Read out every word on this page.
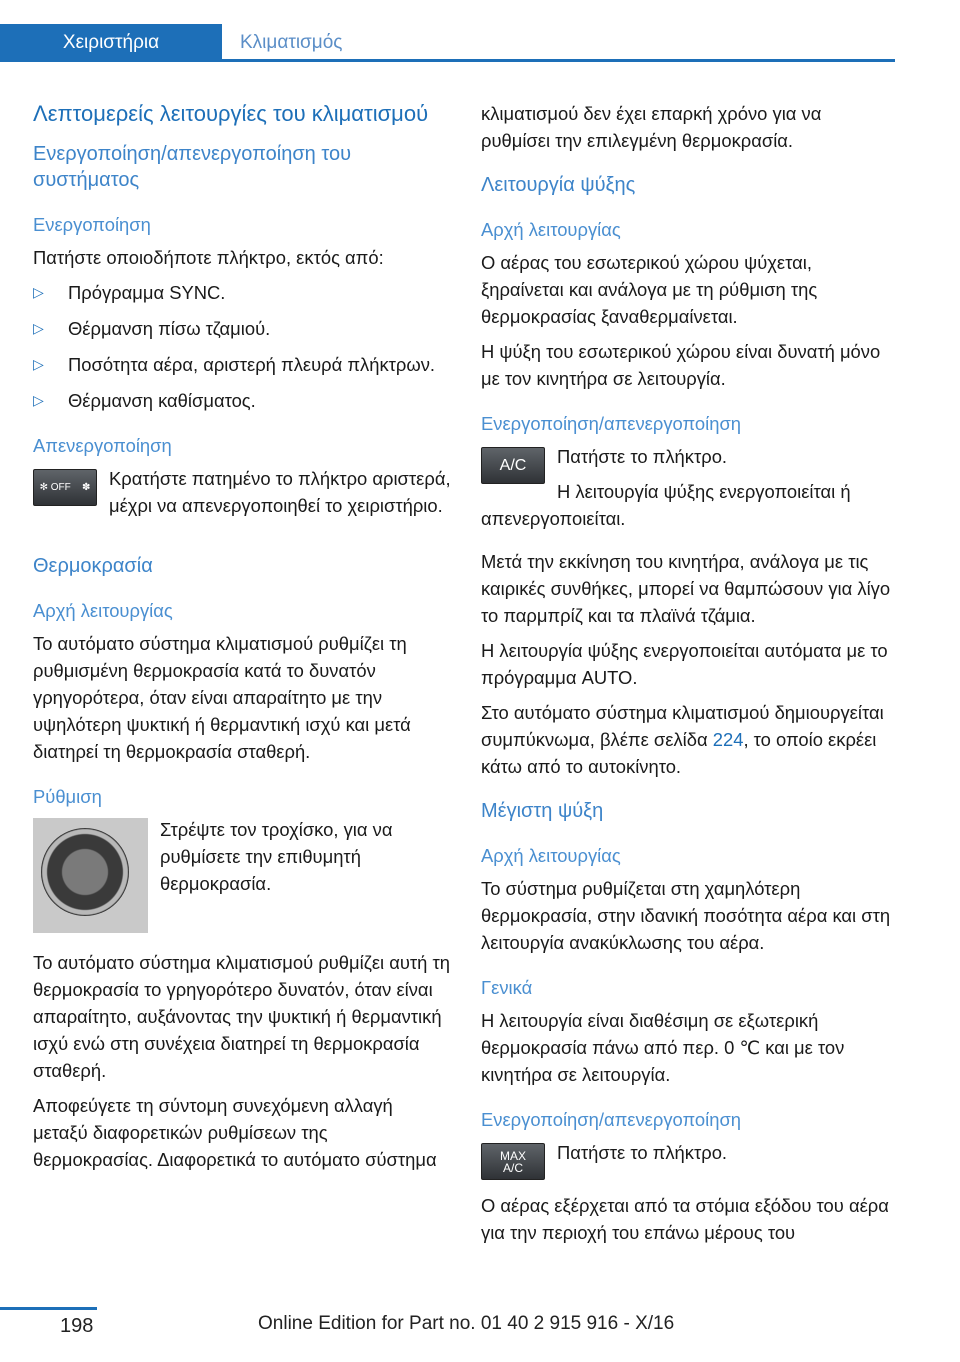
Χειριστήρια	Κλιματισμός
Λεπτομερείς λειτουργίες του κλιματισμού
Ενεργοποίηση/απενεργοποίηση του συστήματος
Ενεργοποίηση

Πατήστε οποιοδήποτε πλήκτρο, εκτός από:

▷ Πρόγραμμα SYNC.
▷ Θέρμανση πίσω τζαμιού.
▷ Ποσότητα αέρα, αριστερή πλευρά πλήκτρων.
▷ Θέρμανση καθίσματος.
Απενεργοποίηση
✻ OFF ✽	Κρατήστε πατημένο το πλήκτρο αριστερά, μέχρι να απενεργοποιηθεί το χειριστήριο.

Θερμοκρασία
Αρχή λειτουργίας

Το αυτόματο σύστημα κλιματισμού ρυθμίζει τη ρυθμισμένη θερμοκρασία κατά το δυνατόν γρηγορότερα, όταν είναι απαραίτητο με την υψηλότερη ψυκτική ή θερμαντική ισχύ και μετά διατηρεί τη θερμοκρασία σταθερή.

Ρύθμιση

Στρέψτε τον τροχίσκο, για να ρυθμίσετε την επιθυμητή θερμοκρασία.

Το αυτόματο σύστημα κλιματισμού ρυθμίζει αυτή τη θερμοκρασία το γρηγορότερο δυνατόν, όταν είναι απαραίτητο, αυξάνοντας την ψυκτική ή θερμαντική ισχύ ενώ στη συνέχεια διατηρεί τη θερμοκρασία σταθερή.

Αποφεύγετε τη σύντομη συνεχόμενη αλλαγή μεταξύ διαφορετικών ρυθμίσεων της θερμοκρασίας. Διαφορετικά το αυτόματο σύστημα

κλιματισμού δεν έχει επαρκή χρόνο για να ρυθμίσει την επιλεγμένη θερμοκρασία.

Λειτουργία ψύξης
Αρχή λειτουργίας

Ο αέρας του εσωτερικού χώρου ψύχεται, ξηραίνεται και ανάλογα με τη ρύθμιση της θερμοκρασίας ξαναθερμαίνεται.

Η ψύξη του εσωτερικού χώρου είναι δυνατή μόνο με τον κινητήρα σε λειτουργία.

Ενεργοποίηση/απενεργοποίηση
A/C	Πατήστε το πλήκτρο.

Η λειτουργία ψύξης ενεργοποιείται ή απενεργοποιείται.

Μετά την εκκίνηση του κινητήρα, ανάλογα με τις καιρικές συνθήκες, μπορεί να θαμπώσουν για λίγο το παρμπρίζ και τα πλαϊνά τζάμια.

Η λειτουργία ψύξης ενεργοποιείται αυτόματα με το πρόγραμμα AUTO.

Στο αυτόματο σύστημα κλιματισμού δημιουργείται συμπύκνωμα, βλέπε σελίδα 224, το οποίο εκρέει κάτω από το αυτοκίνητο.

Μέγιστη ψύξη
Αρχή λειτουργίας

Το σύστημα ρυθμίζεται στη χαμηλότερη θερμοκρασία, στην ιδανική ποσότητα αέρα και στη λειτουργία ανακύκλωσης του αέρα.

Γενικά

Η λειτουργία είναι διαθέσιμη σε εξωτερική θερμοκρασία πάνω από περ. 0 ℃ και με τον κινητήρα σε λειτουργία.

Ενεργοποίηση/απενεργοποίηση
MAX
A/C

Πατήστε το πλήκτρο.

Ο αέρας εξέρχεται από τα στόμια εξόδου του αέρα για την περιοχή του επάνω μέρους του

198	Online Edition for Part no. 01 40 2 915 916 - X/16
